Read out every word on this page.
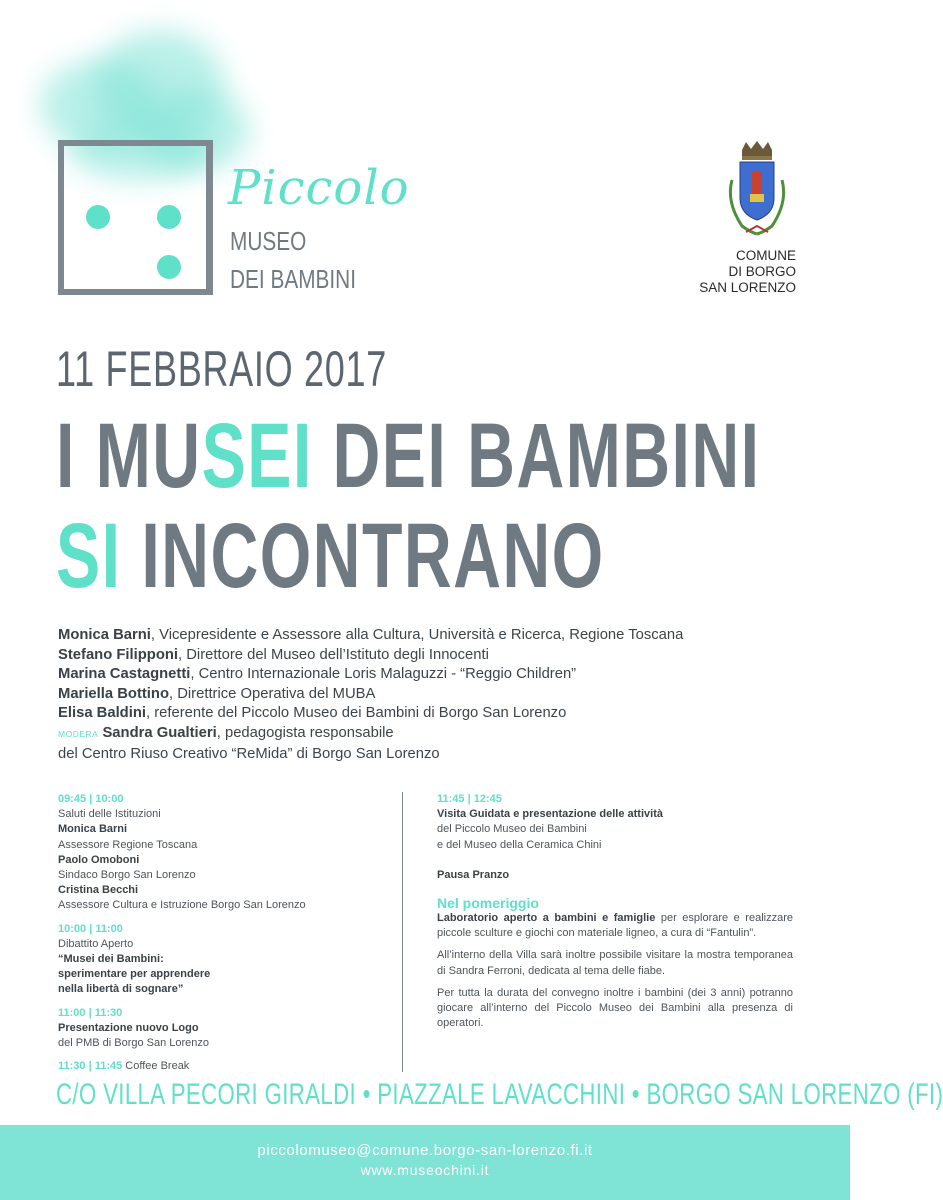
Piccolo
MUSEO
DEI BAMBINI
COMUNE
DI BORGO
SAN LORENZO
11 FEBBRAIO 2017
I MUSEI DEI BAMBINI
SI INCONTRANO
Monica Barni, Vicepresidente e Assessore alla Cultura, Università e Ricerca, Regione Toscana
Stefano Filipponi, Direttore del Museo dell’Istituto degli Innocenti
Marina Castagnetti, Centro Internazionale Loris Malaguzzi - “Reggio Children”
Mariella Bottino, Direttrice Operativa del MUBA
Elisa Baldini, referente del Piccolo Museo dei Bambini di Borgo San Lorenzo
MODERA Sandra Gualtieri, pedagogista responsabile
del Centro Riuso Creativo “ReMida” di Borgo San Lorenzo
09:45 | 10:00
Saluti delle Istituzioni
Monica Barni
Assessore Regione Toscana
Paolo Omoboni
Sindaco Borgo San Lorenzo
Cristina Becchi
Assessore Cultura e Istruzione Borgo San Lorenzo
10:00 | 11:00
Dibattito Aperto
“Musei dei Bambini:
sperimentare per apprendere
nella libertà di sognare”
11:00 | 11:30
Presentazione nuovo Logo
del PMB di Borgo San Lorenzo
11:30 | 11:45 Coffee Break
11:45 | 12:45
Visita Guidata e presentazione delle attività
del Piccolo Museo dei Bambini
e del Museo della Ceramica Chini
Pausa Pranzo
Nel pomeriggio
Laboratorio aperto a bambini e famiglie per esplorare e realizzare piccole sculture e giochi con materiale ligneo, a cura di “Fantulin”.
All’interno della Villa sarà inoltre possibile visitare la mostra temporanea di Sandra Ferroni, dedicata al tema delle fiabe.
Per tutta la durata del convegno inoltre i bambini (dei 3 anni) potranno giocare all’interno del Piccolo Museo dei Bambini alla presenza di operatori.
C/O VILLA PECORI GIRALDI • PIAZZALE LAVACCHINI • BORGO SAN LORENZO (FI)
piccolomuseo@comune.borgo-san-lorenzo.fi.it
www.museochini.it
